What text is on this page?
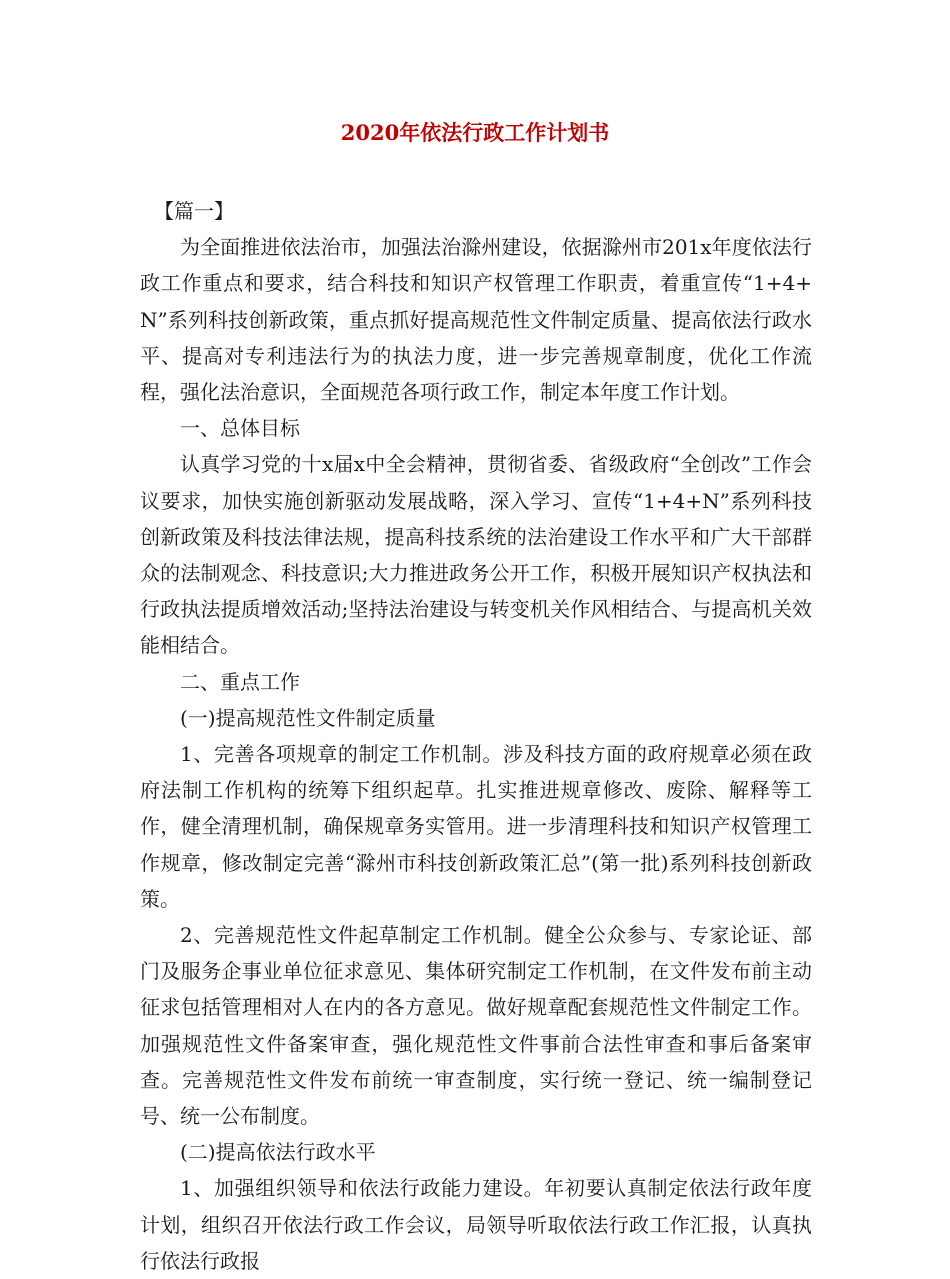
2020年依法行政工作计划书

【篇一】

为全面推进依法治市，加强法治滁州建设，依据滁州市201x年度依法行政工作重点和要求，结合科技和知识产权管理工作职责，着重宣传“1+4+N”系列科技创新政策，重点抓好提高规范性文件制定质量、提高依法行政水平、提高对专利违法行为的执法力度，进一步完善规章制度，优化工作流程，强化法治意识，全面规范各项行政工作，制定本年度工作计划。

一、总体目标

认真学习党的十x届x中全会精神，贯彻省委、省级政府“全创改”工作会议要求，加快实施创新驱动发展战略，深入学习、宣传“1+4+N”系列科技创新政策及科技法律法规，提高科技系统的法治建设工作水平和广大干部群众的法制观念、科技意识;大力推进政务公开工作，积极开展知识产权执法和行政执法提质增效活动;坚持法治建设与转变机关作风相结合、与提高机关效能相结合。

二、重点工作

(一)提高规范性文件制定质量

1、完善各项规章的制定工作机制。涉及科技方面的政府规章必须在政府法制工作机构的统筹下组织起草。扎实推进规章修改、废除、解释等工作，健全清理机制，确保规章务实管用。进一步清理科技和知识产权管理工作规章，修改制定完善“滁州市科技创新政策汇总”(第一批)系列科技创新政策。

2、完善规范性文件起草制定工作机制。健全公众参与、专家论证、部门及服务企事业单位征求意见、集体研究制定工作机制，在文件发布前主动征求包括管理相对人在内的各方意见。做好规章配套规范性文件制定工作。加强规范性文件备案审查，强化规范性文件事前合法性审查和事后备案审查。完善规范性文件发布前统一审查制度，实行统一登记、统一编制登记号、统一公布制度。

(二)提高依法行政水平

1、加强组织领导和依法行政能力建设。年初要认真制定依法行政年度计划，组织召开依法行政工作会议，局领导听取依法行政工作汇报，认真执行依法行政报
